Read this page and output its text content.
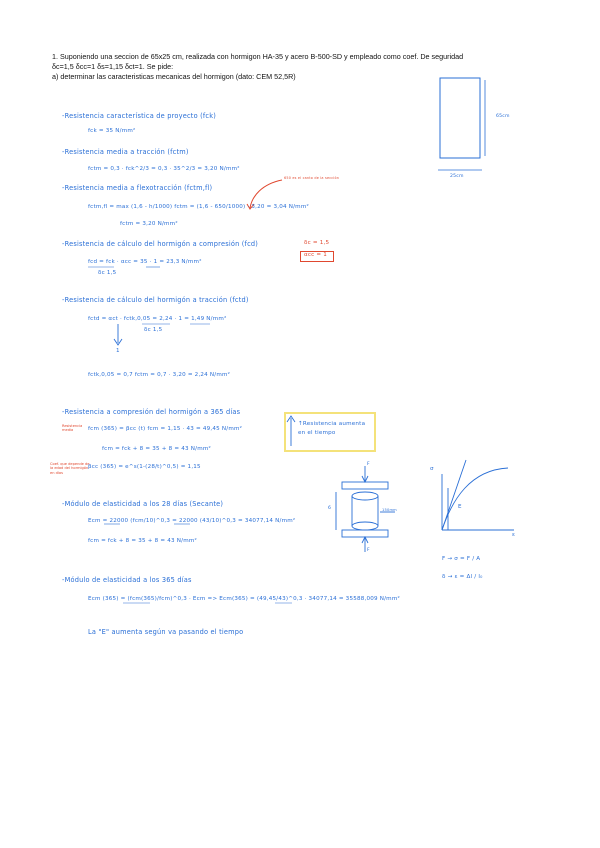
1. Suponiendo una seccion de 65x25 cm, realizada con hormigon HA-35 y acero B-500-SD y empleado como coef. De seguridad
δc=1,5 δcc=1 δs=1,15 δct=1. Se pide:
a) determinar las caracteristicas mecanicas del hormigon (dato: CEM 52,5R)
65cm
25cm
-Resistencia característica de proyecto (fck)
fck = 35 N/mm²
-Resistencia media a tracción (fctm)
fctm = 0,3 · fck^2/3 = 0,3 · 35^2/3 = 3,20 N/mm²
-Resistencia media a flexotracción (fctm,fl)
fctm,fl = max (1,6 - h/1000) fctm = (1,6 - 650/1000) · 3,20 = 3,04 N/mm²
fctm = 3,20 N/mm²
650 es el canto de la sección
-Resistencia de cálculo del hormigón a compresión (fcd)
fcd = fck · αcc = 35 · 1 = 23,3 N/mm²
δc 1,5
δc = 1,5
αcc = 1
-Resistencia de cálculo del hormigón a tracción (fctd)
fctd = αct · fctk,0,05 = 2,24 · 1 = 1,49 N/mm²
δc 1,5
1
fctk,0,05 = 0,7 fctm = 0,7 · 3,20 = 2,24 N/mm²
-Resistencia a compresión del hormigón a 365 días
Resistencia media	fcm (365) = βcc (t) fcm = 1,15 · 43 = 49,45 N/mm²
fcm = fck + 8 = 35 + 8 = 43 N/mm²
Coef. que depende de la edad del hormigón en días
βcc (365) = e^s(1-(28/t)^0,5) = 1,15
↑Resistencia aumenta en el tiempo
-Módulo de elasticidad a los 28 días (Secante)
Ecm = 22000 (fcm/10)^0,3 = 22000 (43/10)^0,3 = 34077,14 N/mm²
fcm = fck + 8 = 35 + 8 = 43 N/mm²
F
F
6	150mm
σ
ε
E
F → σ = F / A
δ → ε = Δl / l₀
-Módulo de elasticidad a los 365 días
Ecm (365) = (fcm(365)/fcm)^0,3 · Ecm => Ecm(365) = (49,45/43)^0,3 · 34077,14 = 35588,009 N/mm²
La "E" aumenta según va pasando el tiempo
